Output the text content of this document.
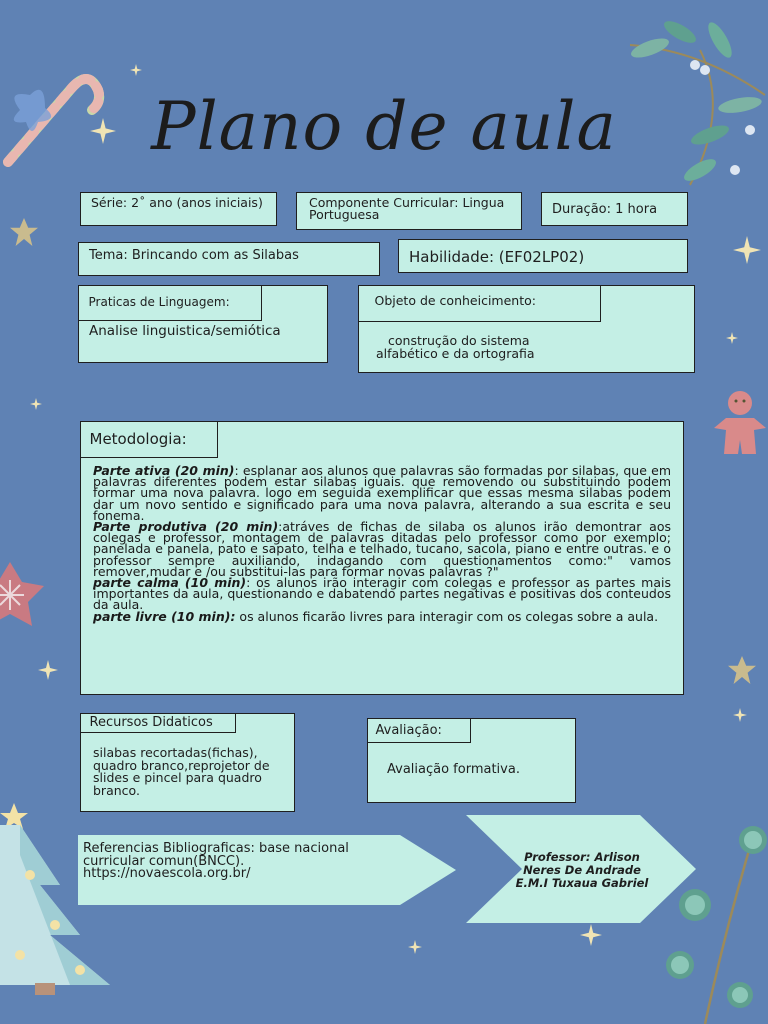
Plano de aula
Série: 2˚ ano (anos iniciais)	Componente Curricular: Lingua Portuguesa	Duração: 1 hora
Tema: Brincando com as Silabas	Habilidade: (EF02LP02)
Praticas de Linguagem:
Analise linguistica/semiótica
Objeto de conheicimento:
construção do sistema alfabético e da ortografia
Metodologia:

Parte ativa (20 min): esplanar aos alunos que palavras são formadas por silabas, que em palavras diferentes podem estar silabas iguais. que removendo ou substituindo podem formar uma nova palavra. logo em seguida exemplificar que essas mesma silabas podem dar um novo sentido e significado para uma nova palavra, alterando a sua escrita e seu fonema.

Parte produtiva (20 min):atráves de fichas de silaba os alunos irão demontrar aos colegas e professor, montagem de palavras ditadas pelo professor como por exemplo; panelada e panela, pato e sapato, telha e telhado, tucano, sacola, piano e entre outras. e o professor sempre auxiliando, indagando com questionamentos como:" vamos remover,mudar e /ou substitui-las para formar novas palavras ?"

parte calma (10 min): os alunos irão interagir com colegas e professor as partes mais importantes da aula, questionando e dabatendo partes negativas e positivas dos conteudos da aula.

parte livre (10 min): os alunos ficarão livres para interagir com os colegas sobre a aula.

Recursos Didaticos
silabas recortadas(fichas), quadro branco,reprojetor de slides e pincel para quadro branco.
Avaliação:
Avaliação formativa.
Referencias Bibliograficas: base nacional curricular comun(BNCC). https://novaescola.org.br/
Professor: Arlison
Neres De Andrade
E.M.I Tuxaua Gabriel
